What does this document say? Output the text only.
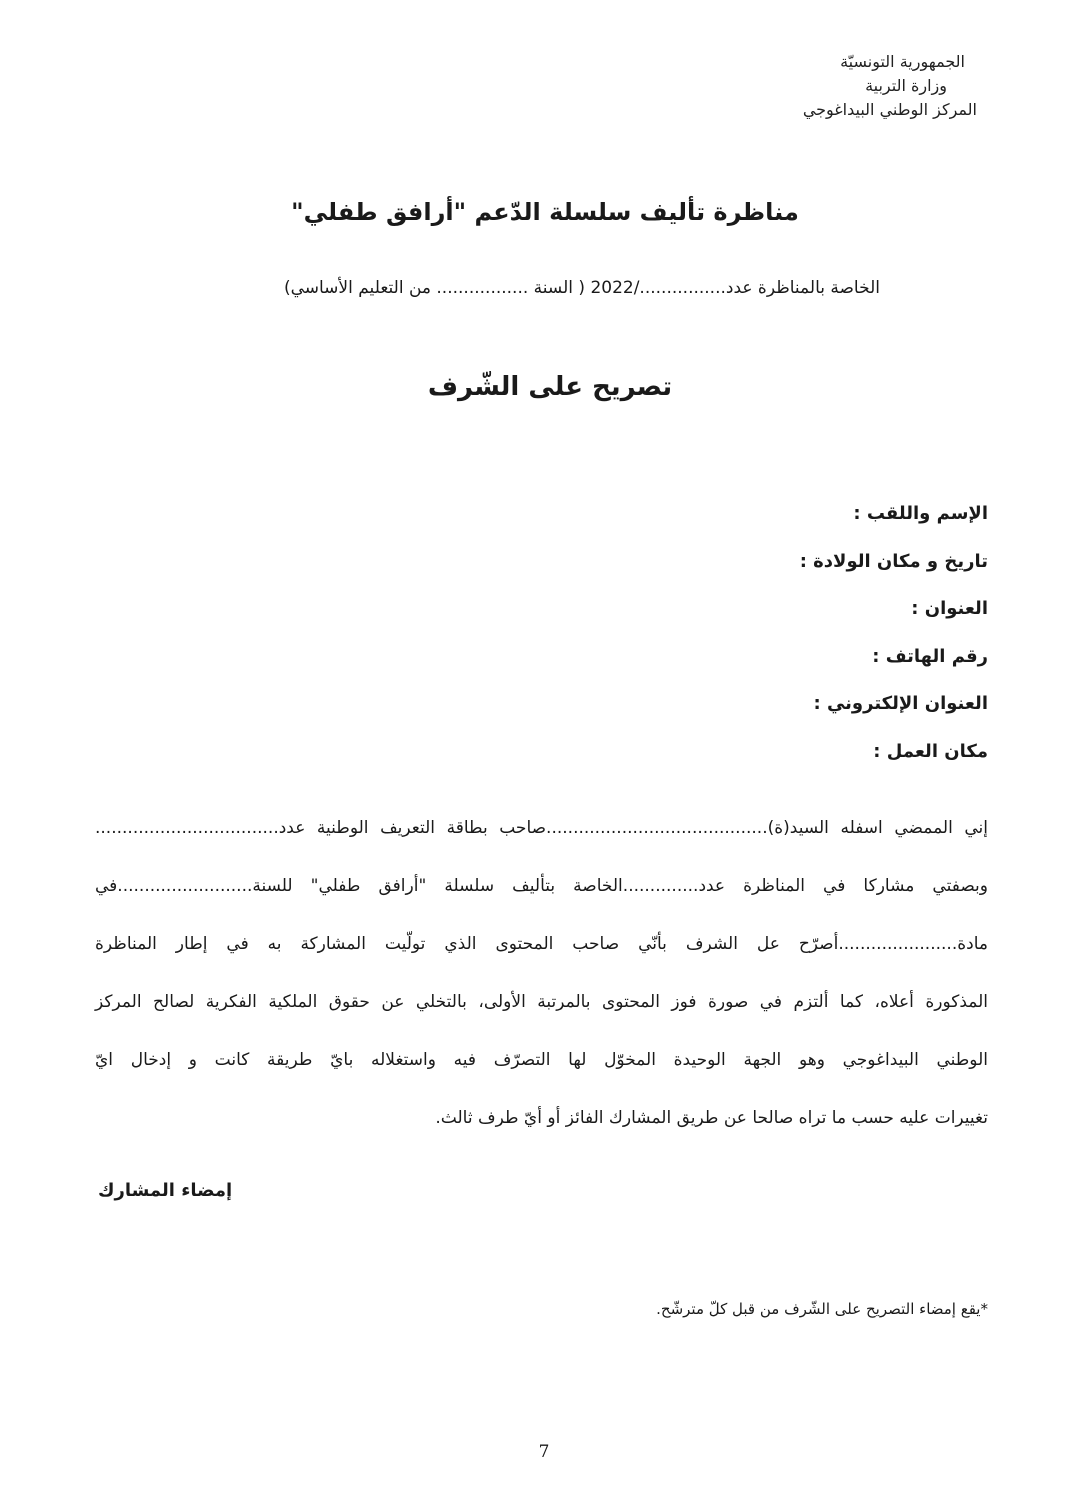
الجمهورية التونسيّة
وزارة التربية
المركز الوطني البيداغوجي
مناظرة تأليف سلسلة الدّعم "أرافق طفلي"
الخاصة بالمناظرة عدد................/2022 ( السنة ................. من التعليم الأساسي)
تصريح على الشّرف
الإسم واللقب :
تاريخ و مكان الولادة :
العنوان :
رقم الهاتف :
العنوان الإلكتروني :
مكان العمل :
إني الممضي اسفله السيد(ة).........................................صاحب بطاقة التعريف الوطنية عدد..................................
وبصفتي مشاركا في المناظرة عدد..............الخاصة بتأليف سلسلة "أرافق طفلي" للسنة.........................في
مادة......................أصرّح عل الشرف بأنّي صاحب المحتوى الذي تولّيت المشاركة به في إطار المناظرة
المذكورة أعلاه، كما ألتزم في صورة فوز المحتوى بالمرتبة الأولى، بالتخلي عن حقوق الملكية الفكرية لصالح المركز
الوطني البيداغوجي وهو الجهة الوحيدة المخوّل لها التصرّف فيه واستغلاله بايّ طريقة كانت و إدخال ايّ
تغييرات عليه حسب ما تراه صالحا عن طريق المشارك الفائز أو أيّ طرف ثالث.
إمضاء المشارك
*يقع إمضاء التصريح على الشّرف من قبل كلّ مترشّح.
7
